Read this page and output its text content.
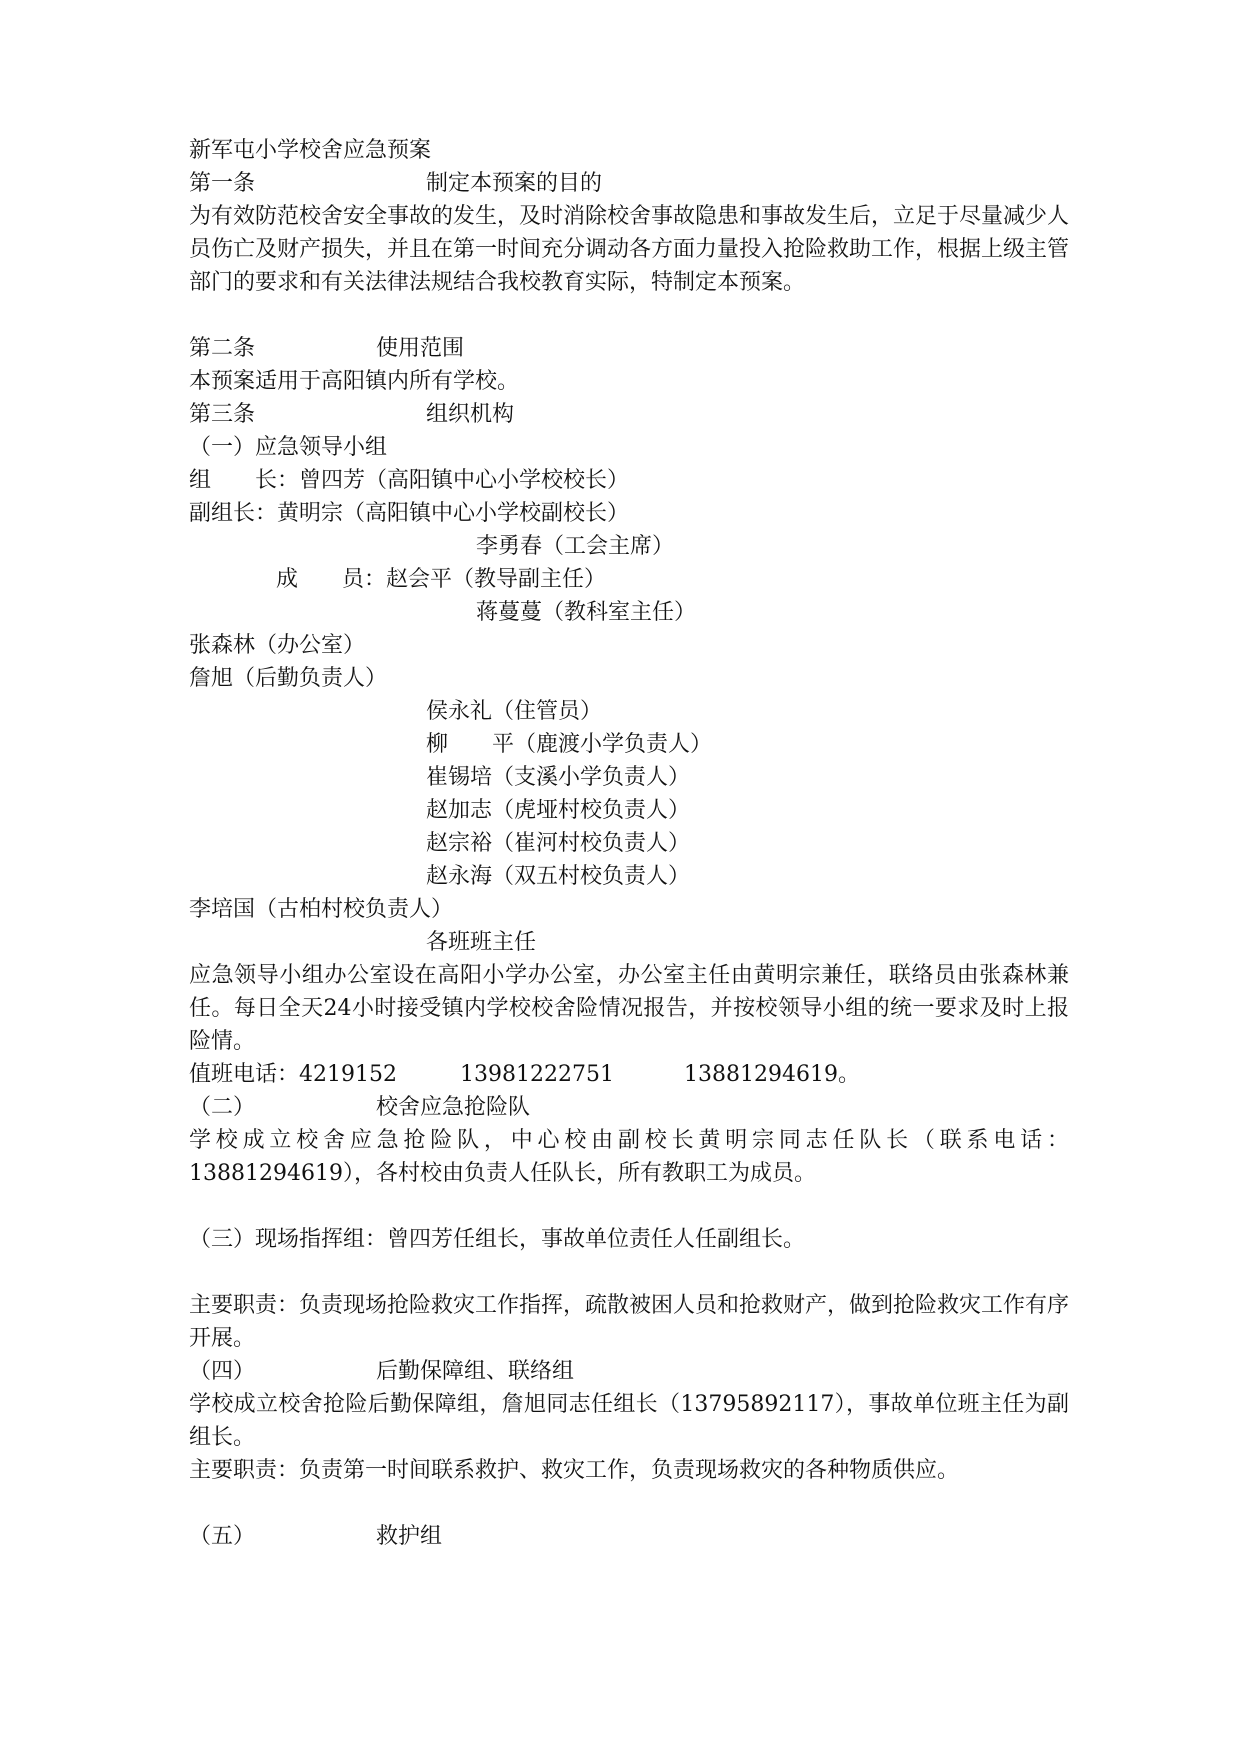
新军屯小学校舍应急预案
第一条	制定本预案的目的
为有效防范校舍安全事故的发生，及时消除校舍事故隐患和事故发生后，立足于尽量减少人员伤亡及财产损失，并且在第一时间充分调动各方面力量投入抢险救助工作，根据上级主管部门的要求和有关法律法规结合我校教育实际，特制定本预案。
第二条	使用范围
本预案适用于高阳镇内所有学校。
第三条	组织机构
（一）应急领导小组
组　　长：曾四芳（高阳镇中心小学校校长）
副组长：黄明宗（高阳镇中心小学校副校长）
李勇春（工会主席）
成　　员： 赵会平（教导副主任）
蒋蔓蔓（教科室主任）
张森林（办公室）
詹旭（后勤负责人）
侯永礼（住管员）
柳　　平（鹿渡小学负责人）
崔锡培（支溪小学负责人）
赵加志（虎垭村校负责人）
赵宗裕（崔河村校负责人）
赵永海（双五村校负责人）
李培国（古柏村校负责人）
各班班主任
应急领导小组办公室设在高阳小学办公室，办公室主任由黄明宗兼任，联络员由张森林兼任。每日全天24小时接受镇内学校校舍险情况报告，并按校领导小组的统一要求及时上报险情。
值班电话：4219152	13981222751	13881294619。
（二）	校舍应急抢险队
学校成立校舍应急抢险队，中心校由副校长黄明宗同志任队长（联系电话：13881294619），各村校由负责人任队长，所有教职工为成员。
（三）现场指挥组：曾四芳任组长，事故单位责任人任副组长。
主要职责：负责现场抢险救灾工作指挥，疏散被困人员和抢救财产，做到抢险救灾工作有序开展。
（四）	后勤保障组、联络组
学校成立校舍抢险后勤保障组，詹旭同志任组长（13795892117），事故单位班主任为副组长。
主要职责：负责第一时间联系救护、救灾工作，负责现场救灾的各种物质供应。
（五）	救护组
